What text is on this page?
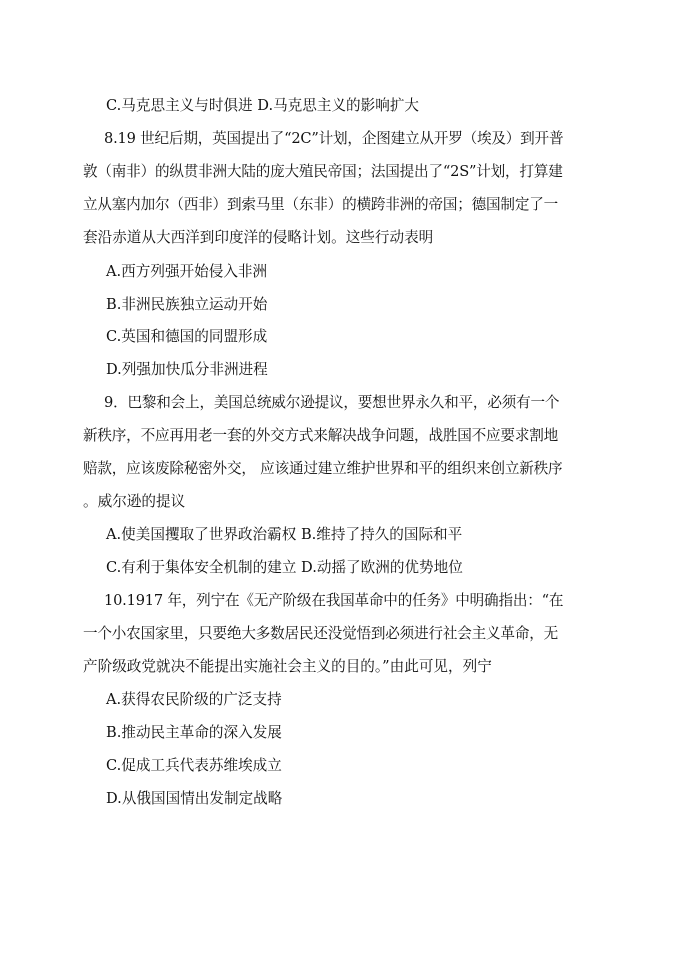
C.马克思主义与时俱进 D.马克思主义的影响扩大
8.19 世纪后期，英国提出了“2C”计划，企图建立从开罗（埃及）到开普
敦（南非）的纵贯非洲大陆的庞大殖民帝国；法国提出了“2S”计划，打算建
立从塞内加尔（西非）到索马里（东非）的横跨非洲的帝国；德国制定了一
套沿赤道从大西洋到印度洋的侵略计划。这些行动表明
A.西方列强开始侵入非洲
B.非洲民族独立运动开始
C.英国和德国的同盟形成
D.列强加快瓜分非洲进程
9．巴黎和会上，美国总统威尔逊提议，要想世界永久和平，必须有一个
新秩序，不应再用老一套的外交方式来解决战争问题，战胜国不应要求割地
赔款，应该废除秘密外交， 应该通过建立维护世界和平的组织来创立新秩序
。威尔逊的提议
A.使美国攫取了世界政治霸权 B.维持了持久的国际和平
C.有利于集体安全机制的建立 D.动摇了欧洲的优势地位
10.1917 年，列宁在《无产阶级在我国革命中的任务》中明确指出：“在
一个小农国家里，只要绝大多数居民还没觉悟到必须进行社会主义革命，无
产阶级政党就决不能提出实施社会主义的目的。”由此可见，列宁
A.获得农民阶级的广泛支持
B.推动民主革命的深入发展
C.促成工兵代表苏维埃成立
D.从俄国国情出发制定战略
